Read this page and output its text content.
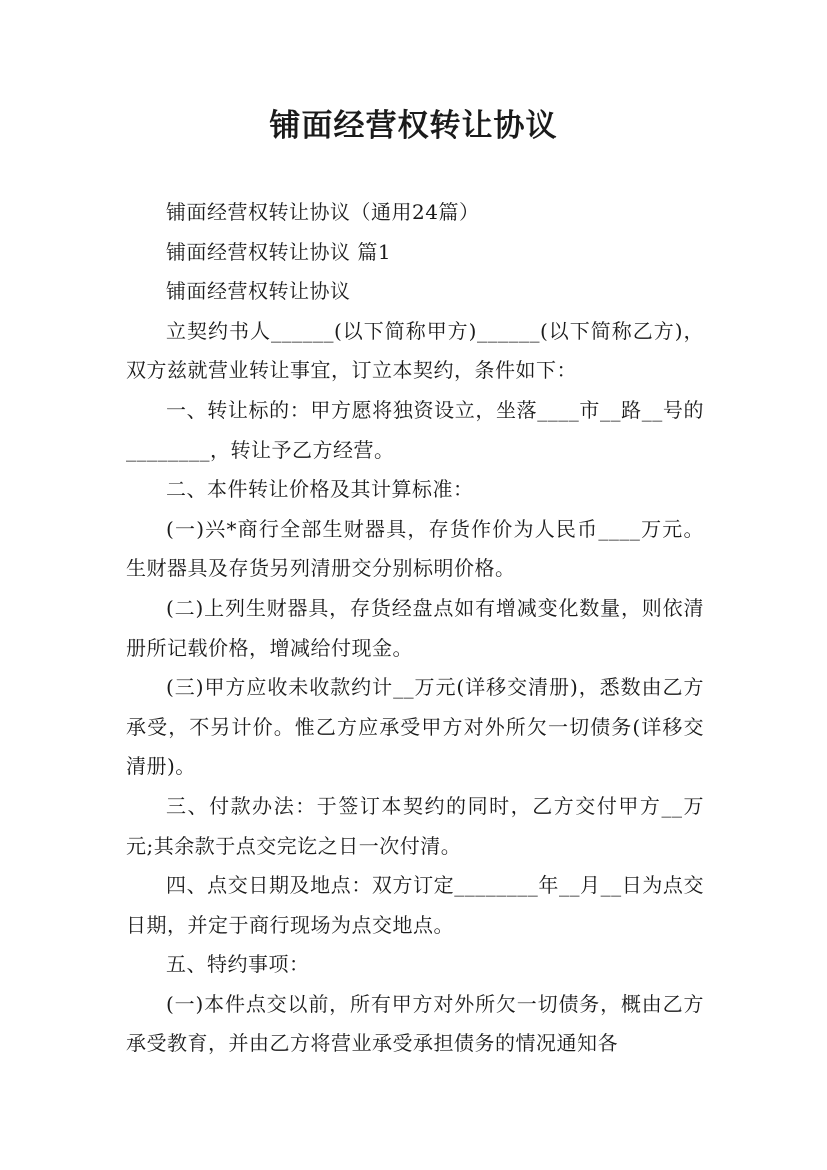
铺面经营权转让协议

铺面经营权转让协议（通用24篇）

铺面经营权转让协议 篇1

铺面经营权转让协议

立契约书人______(以下简称甲方)______(以下简称乙方)，双方兹就营业转让事宜，订立本契约，条件如下：

一、转让标的：甲方愿将独资设立，坐落____市__路__号的________，转让予乙方经营。

二、本件转让价格及其计算标准：

(一)兴*商行全部生财器具，存货作价为人民币____万元。生财器具及存货另列清册交分别标明价格。

(二)上列生财器具，存货经盘点如有增减变化数量，则依清册所记载价格，增减给付现金。

(三)甲方应收未收款约计__万元(详移交清册)，悉数由乙方承受，不另计价。惟乙方应承受甲方对外所欠一切债务(详移交清册)。

三、付款办法：于签订本契约的同时，乙方交付甲方__万元;其余款于点交完讫之日一次付清。

四、点交日期及地点：双方订定________年__月__日为点交日期，并定于商行现场为点交地点。

五、特约事项：

(一)本件点交以前，所有甲方对外所欠一切债务，概由乙方承受教育，并由乙方将营业承受承担债务的情况通知各
